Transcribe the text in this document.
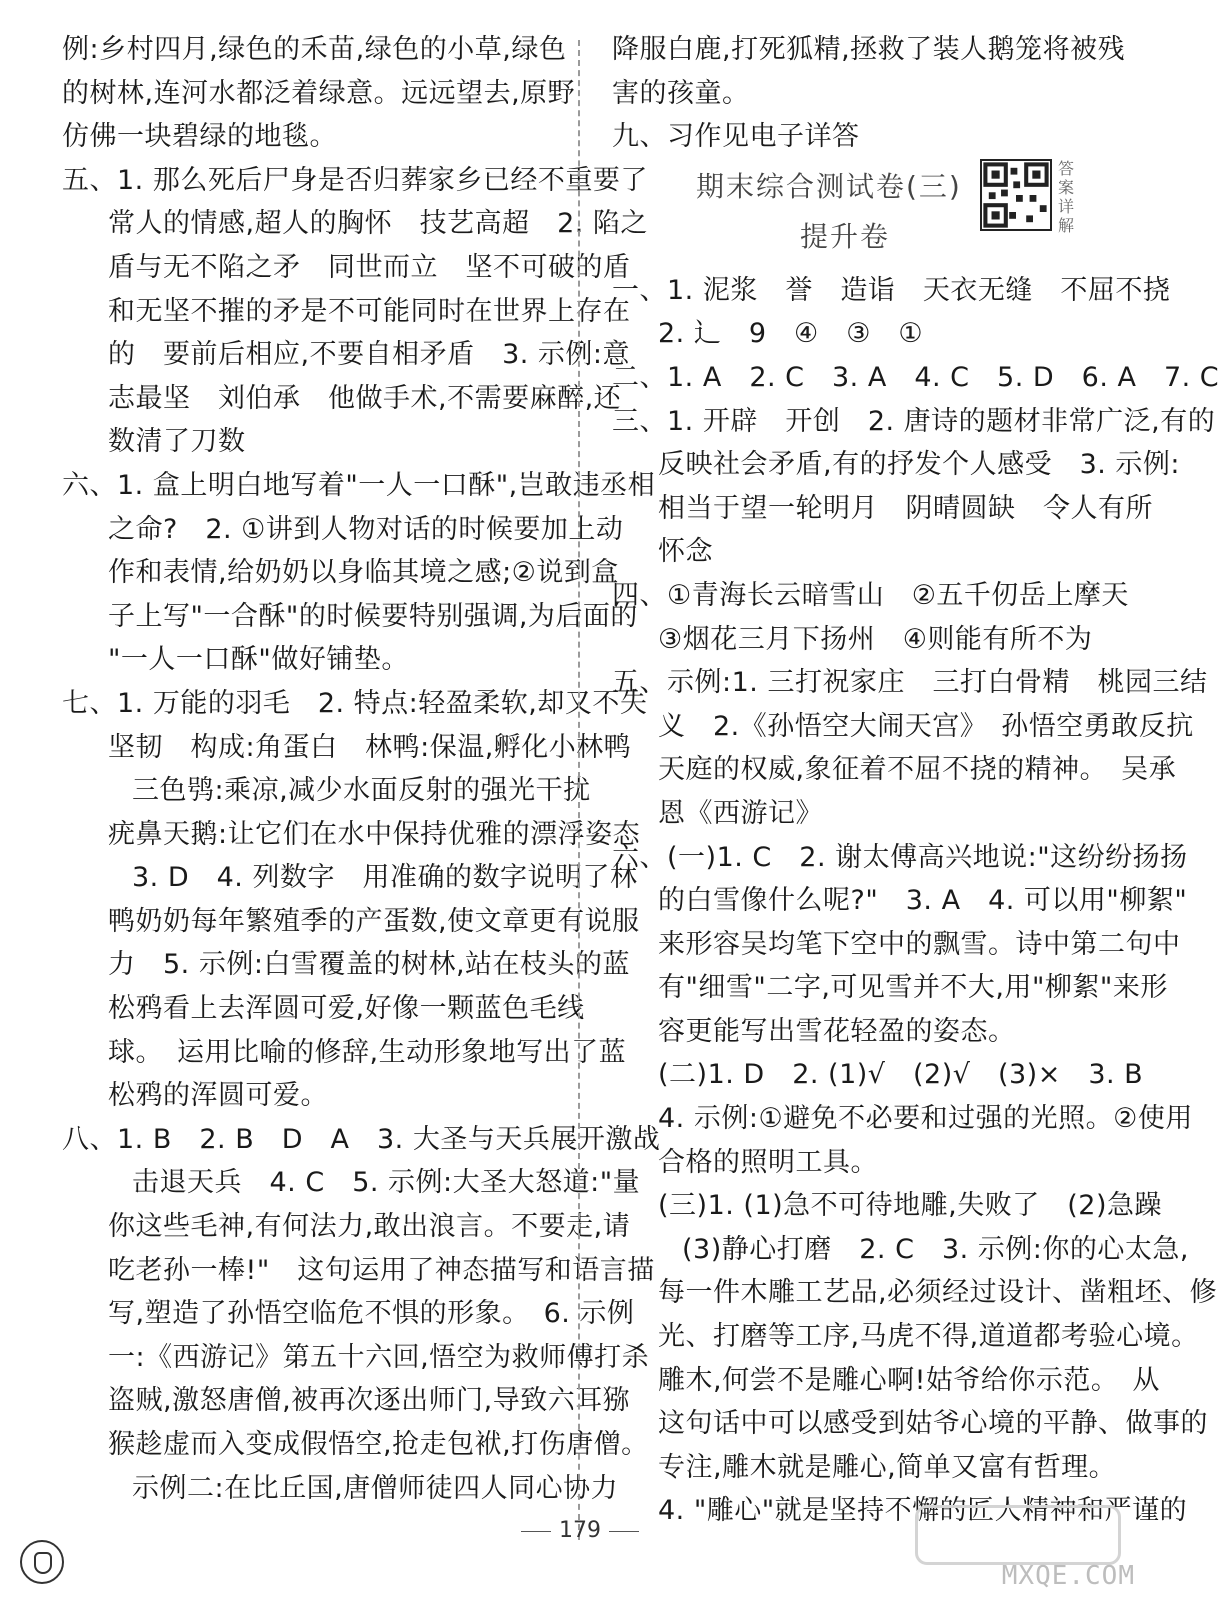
例:乡村四月,绿色的禾苗,绿色的小草,绿色
的树林,连河水都泛着绿意。远远望去,原野
仿佛一块碧绿的地毯。
五、1. 那么死后尸身是否归葬家乡已经不重要了
常人的情感,超人的胸怀　技艺高超　2. 陷之
盾与无不陷之矛　同世而立　坚不可破的盾
和无坚不摧的矛是不可能同时在世界上存在
的　要前后相应,不要自相矛盾　3. 示例:意
志最坚　刘伯承　他做手术,不需要麻醉,还
数清了刀数
六、1. 盒上明白地写着"一人一口酥",岂敢违丞相
之命?　2. ①讲到人物对话的时候要加上动
作和表情,给奶奶以身临其境之感;②说到盒
子上写"一合酥"的时候要特别强调,为后面的
"一人一口酥"做好铺垫。
七、1. 万能的羽毛　2. 特点:轻盈柔软,却又不失
坚韧　构成:角蛋白　林鸭:保温,孵化小林鸭
三色鸮:乘凉,减少水面反射的强光干扰
疣鼻天鹅:让它们在水中保持优雅的漂浮姿态
3. D　4. 列数字　用准确的数字说明了林
鸭奶奶每年繁殖季的产蛋数,使文章更有说服
力　5. 示例:白雪覆盖的树林,站在枝头的蓝
松鸦看上去浑圆可爱,好像一颗蓝色毛线
球。　运用比喻的修辞,生动形象地写出了蓝
松鸦的浑圆可爱。
八、1. B　2. B　D　A　3. 大圣与天兵展开激战
击退天兵　4. C　5. 示例:大圣大怒道:"量
你这些毛神,有何法力,敢出浪言。不要走,请
吃老孙一棒!"　这句运用了神态描写和语言描
写,塑造了孙悟空临危不惧的形象。　6. 示例
一:《西游记》第五十六回,悟空为救师傅打杀
盗贼,激怒唐僧,被再次逐出师门,导致六耳猕
猴趁虚而入变成假悟空,抢走包袱,打伤唐僧。
示例二:在比丘国,唐僧师徒四人同心协力
降服白鹿,打死狐精,拯救了装人鹅笼将被残
害的孩童。
九、习作见电子详答
期末综合测试卷(三)
提升卷
答案详解
一、1. 泥浆　誉　造诣　天衣无缝　不屈不挠
2. 辶　9　④　③　①
二、1. A　2. C　3. A　4. C　5. D　6. A　7. C
三、1. 开辟　开创　2. 唐诗的题材非常广泛,有的
反映社会矛盾,有的抒发个人感受　3. 示例:
相当于望一轮明月　阴晴圆缺　令人有所
怀念
四、①青海长云暗雪山　②五千仞岳上摩天
③烟花三月下扬州　④则能有所不为
五、示例:1. 三打祝家庄　三打白骨精　桃园三结
义　2.《孙悟空大闹天宫》　孙悟空勇敢反抗
天庭的权威,象征着不屈不挠的精神。　吴承
恩《西游记》
六、(一)1. C　2. 谢太傅高兴地说:"这纷纷扬扬
的白雪像什么呢?"　3. A　4. 可以用"柳絮"
来形容吴均笔下空中的飘雪。诗中第二句中
有"细雪"二字,可见雪并不大,用"柳絮"来形
容更能写出雪花轻盈的姿态。
(二)1. D　2. (1)√　(2)√　(3)×　3. B
4. 示例:①避免不必要和过强的光照。②使用
合格的照明工具。
(三)1. (1)急不可待地雕,失败了　(2)急躁
(3)静心打磨　2. C　3. 示例:你的心太急,
每一件木雕工艺品,必须经过设计、凿粗坯、修
光、打磨等工序,马虎不得,道道都考验心境。
雕木,何尝不是雕心啊!姑爷给你示范。　从
这句话中可以感受到姑爷心境的平静、做事的
专注,雕木就是雕心,简单又富有哲理。
4. "雕心"就是坚持不懈的匠人精神和严谨的
179
MXQE.COM
